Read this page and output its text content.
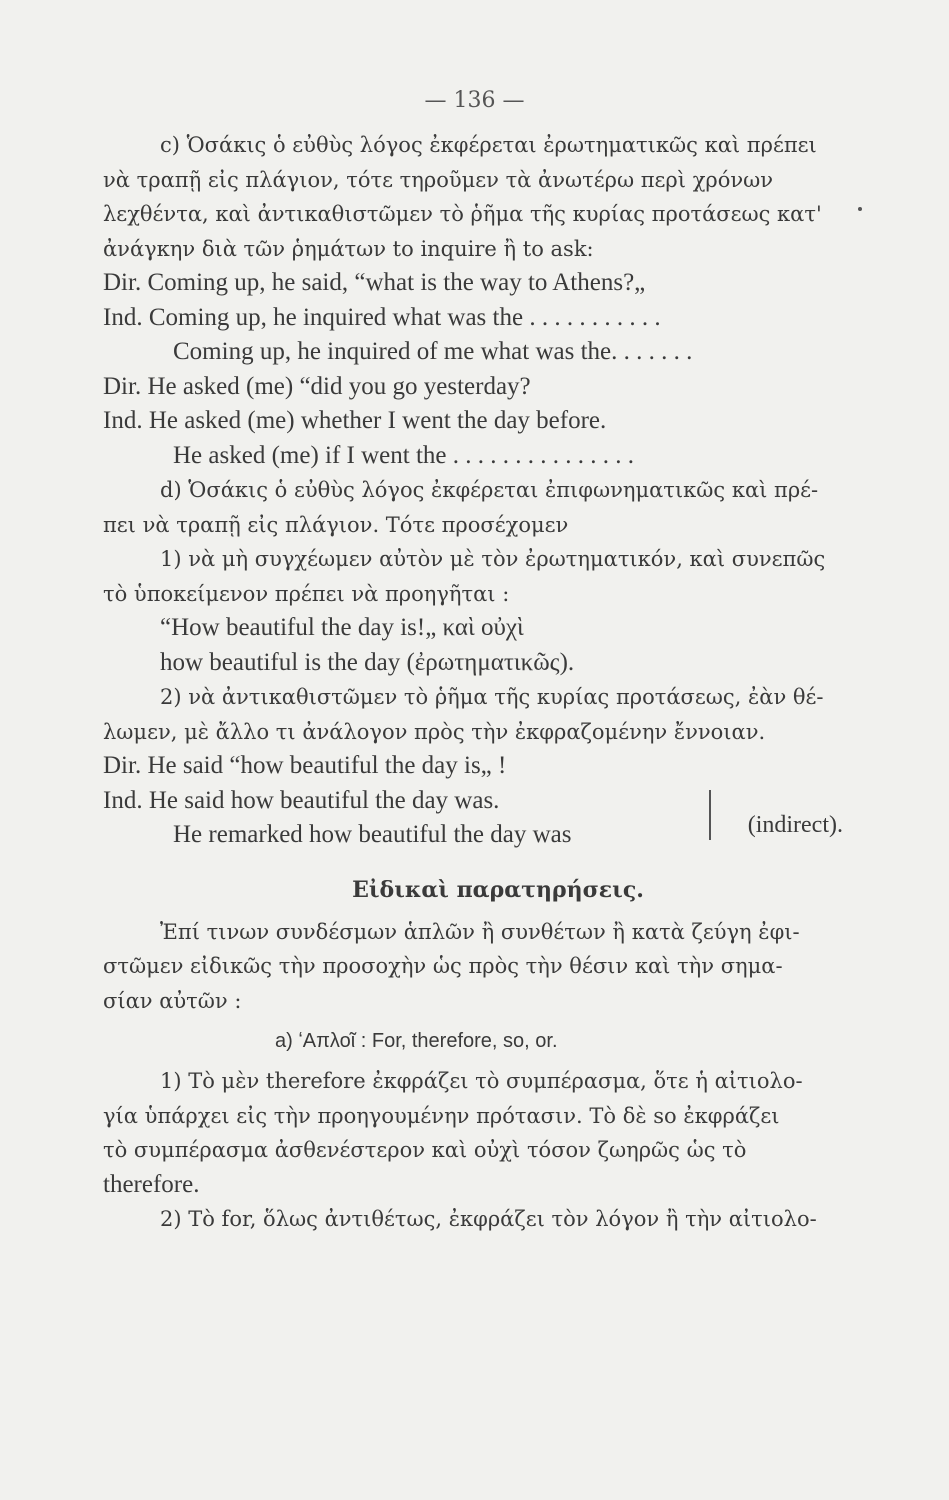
— 136 —
c) Ὁσάκις ὁ εὐθὺς λόγος ἐκφέρεται ἐρωτηματικῶς καὶ πρέπει
νὰ τραπῇ εἰς πλάγιον, τότε τηροῦμεν τὰ ἀνωτέρω περὶ χρόνων
λεχθέντα, καὶ ἀντικαθιστῶμεν τὸ ῥῆμα τῆς κυρίας προτάσεως κατ'
ἀνάγκην διὰ τῶν ῥημάτων to inquire ἢ to ask:
Dir. Coming up, he said, “what is the way to Athens?„
Ind. Coming up, he inquired what was the . . . . . . . . . . .
Coming up, he inquired of me what was the. . . . . . .
Dir. He asked (me) “did you go yesterday?
Ind. He asked (me) whether I went the day before.
He asked (me) if I went the . . . . . . . . . . . . . . .
d) Ὁσάκις ὁ εὐθὺς λόγος ἐκφέρεται ἐπιφωνηματικῶς καὶ πρέ-
πει νὰ τραπῇ εἰς πλάγιον. Τότε προσέχομεν
1) νὰ μὴ συγχέωμεν αὐτὸν μὲ τὸν ἐρωτηματικόν, καὶ συνεπῶς
τὸ ὑποκείμενον πρέπει νὰ προηγῆται :
“How beautiful the day is!„ καὶ οὐχὶ
how beautiful is the day (ἐρωτηματικῶς).
2) νὰ ἀντικαθιστῶμεν τὸ ῥῆμα τῆς κυρίας προτάσεως, ἐὰν θέ-
λωμεν, μὲ ἄλλο τι ἀνάλογον πρὸς τὴν ἐκφραζομένην ἔννοιαν.
Dir. He said “how beautiful the day is„ !
Ind. He said how beautiful the day was.
He remarked how beautiful the day was	(indirect).
Εἰδικαὶ παρατηρήσεις.
Ἐπί τινων συνδέσμων ἁπλῶν ἢ συνθέτων ἢ κατὰ ζεύγη ἐφι-
στῶμεν εἰδικῶς τὴν προσοχὴν ὡς πρὸς τὴν θέσιν καὶ τὴν σημα-
σίαν αὐτῶν :
a) ʻΑπλοῖ : For, therefore, so, or.
1) Τὸ μὲν therefore ἐκφράζει τὸ συμπέρασμα, ὅτε ἡ αἰτιολο-
γία ὑπάρχει εἰς τὴν προηγουμένην πρότασιν. Τὸ δὲ so ἐκφράζει
τὸ συμπέρασμα ἀσθενέστερον καὶ οὐχὶ τόσον ζωηρῶς ὡς τὸ
therefore.
2) Τὸ for, ὅλως ἀντιθέτως, ἐκφράζει τὸν λόγον ἢ τὴν αἰτιολο-
